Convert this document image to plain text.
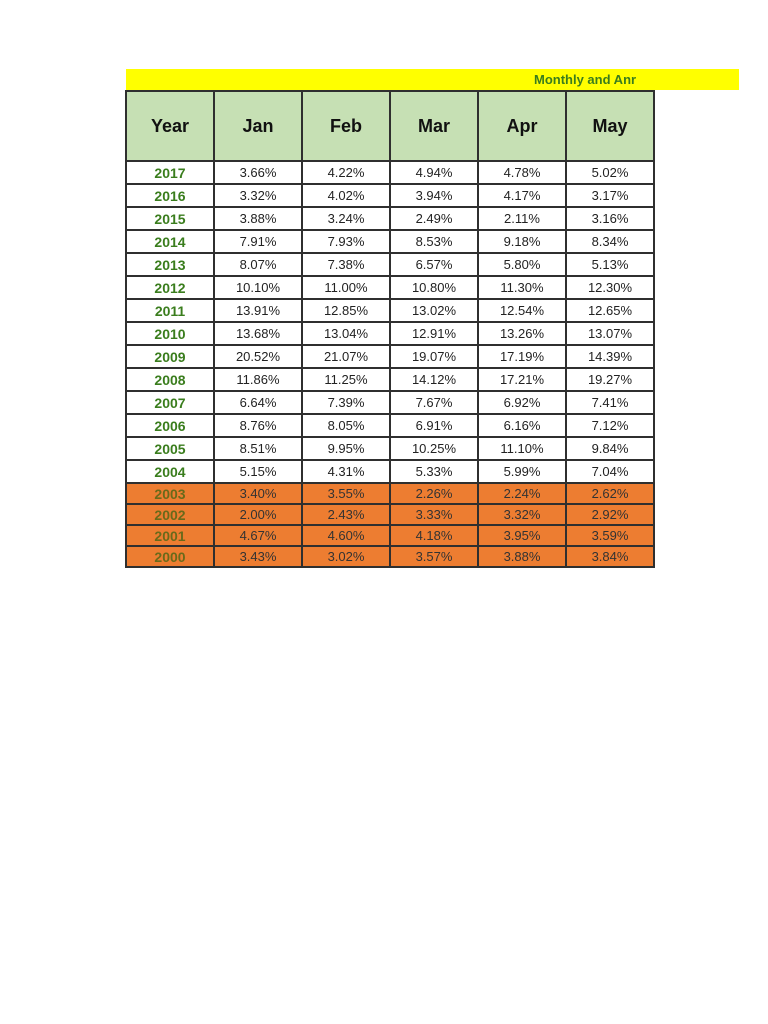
Monthly and Anr
Year	Jan	Feb	Mar	Apr	May
2017	3.66%	4.22%	4.94%	4.78%	5.02%
2016	3.32%	4.02%	3.94%	4.17%	3.17%
2015	3.88%	3.24%	2.49%	2.11%	3.16%
2014	7.91%	7.93%	8.53%	9.18%	8.34%
2013	8.07%	7.38%	6.57%	5.80%	5.13%
2012	10.10%	11.00%	10.80%	11.30%	12.30%
2011	13.91%	12.85%	13.02%	12.54%	12.65%
2010	13.68%	13.04%	12.91%	13.26%	13.07%
2009	20.52%	21.07%	19.07%	17.19%	14.39%
2008	11.86%	11.25%	14.12%	17.21%	19.27%
2007	6.64%	7.39%	7.67%	6.92%	7.41%
2006	8.76%	8.05%	6.91%	6.16%	7.12%
2005	8.51%	9.95%	10.25%	11.10%	9.84%
2004	5.15%	4.31%	5.33%	5.99%	7.04%
2003	3.40%	3.55%	2.26%	2.24%	2.62%
2002	2.00%	2.43%	3.33%	3.32%	2.92%
2001	4.67%	4.60%	4.18%	3.95%	3.59%
2000	3.43%	3.02%	3.57%	3.88%	3.84%
